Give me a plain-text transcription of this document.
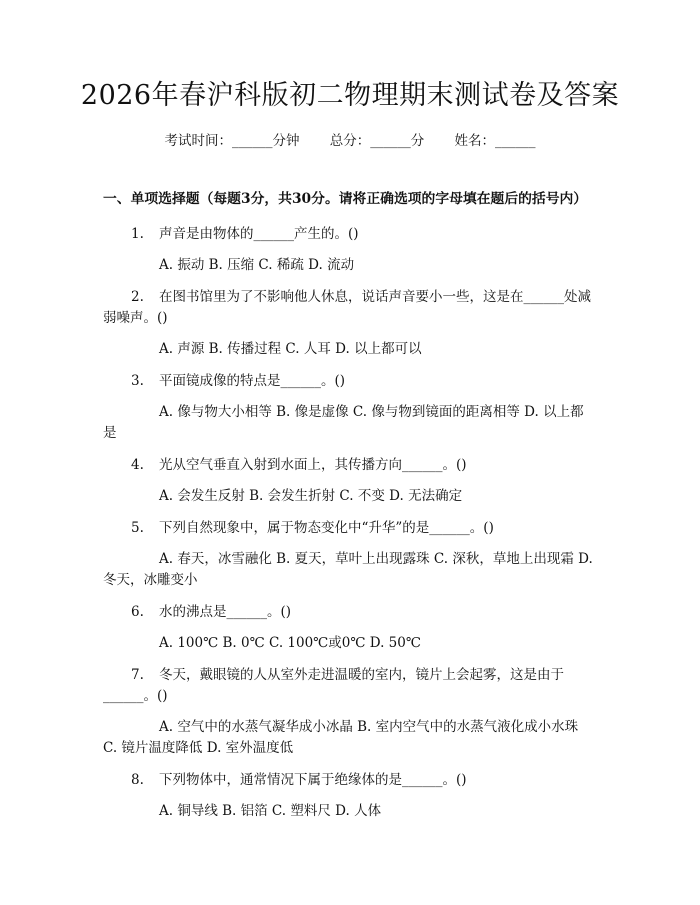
2026年春沪科版初二物理期末测试卷及答案
考试时间：______分钟 总分：______分 姓名：______
一、单项选择题（每题3分，共30分。请将正确选项的字母填在题后的括号内）
1. 声音是由物体的______产生的。()
A. 振动 B. 压缩 C. 稀疏 D. 流动
2. 在图书馆里为了不影响他人休息，说话声音要小一些，这是在______处减弱噪声。()
A. 声源 B. 传播过程 C. 人耳 D. 以上都可以
3. 平面镜成像的特点是______。()
A. 像与物大小相等 B. 像是虚像 C. 像与物到镜面的距离相等 D. 以上都是
4. 光从空气垂直入射到水面上，其传播方向______。()
A. 会发生反射 B. 会发生折射 C. 不变 D. 无法确定
5. 下列自然现象中，属于物态变化中“升华”的是______。()
A. 春天，冰雪融化 B. 夏天，草叶上出现露珠 C. 深秋，草地上出现霜 D. 冬天，冰雕变小
6. 水的沸点是______。()
A. 100℃ B. 0℃ C. 100℃或0℃ D. 50℃
7. 冬天，戴眼镜的人从室外走进温暖的室内，镜片上会起雾，这是由于______。()
A. 空气中的水蒸气凝华成小冰晶 B. 室内空气中的水蒸气液化成小水珠 C. 镜片温度降低 D. 室外温度低
8. 下列物体中，通常情况下属于绝缘体的是______。()
A. 铜导线 B. 铝箔 C. 塑料尺 D. 人体
